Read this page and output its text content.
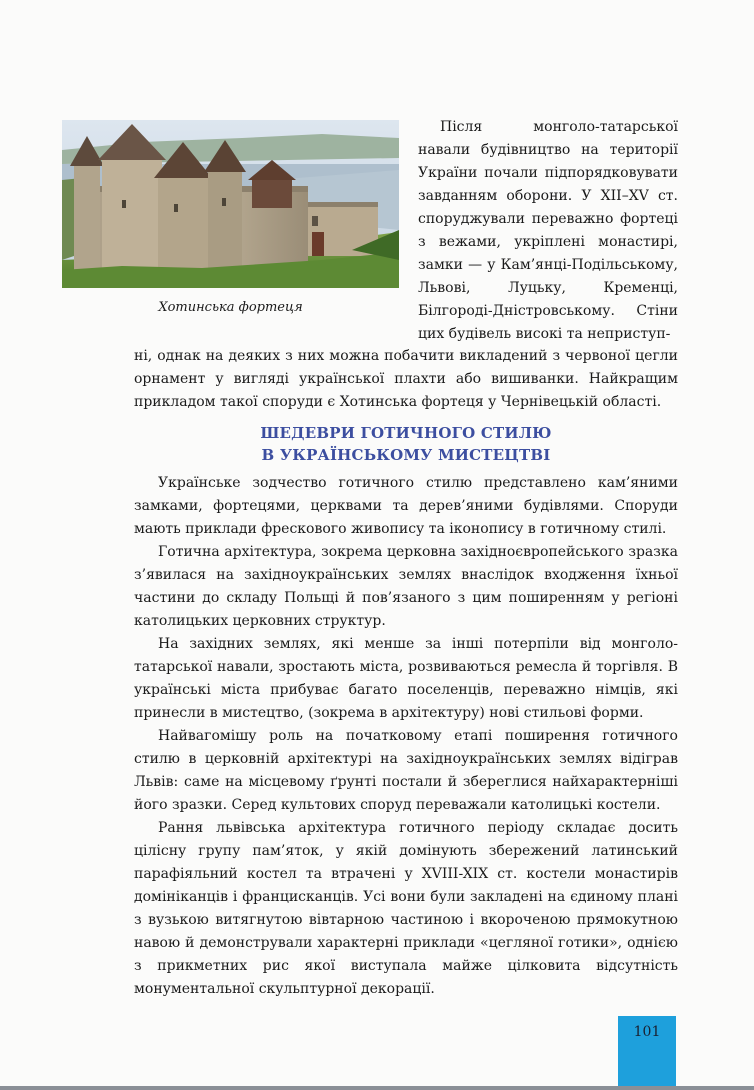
Хотинська фортеця

Після монголо-татарської навали будівництво на території України почали підпорядковувати завданням оборони. У XII–XV ст. споруджували переважно фортеці з вежами, укріплені монастирі, замки — у Кам’янці-Подільському, Львові, Луцьку, Кременці, Білгороді-Дністровському. Стіни цих будівель високі та неприступ-

ні, однак на деяких з них можна побачити викладений з червоної цегли орнамент у вигляді української плахти або вишиванки. Найкращим прикладом такої споруди є Хотинська фортеця у Чернівецькій області.

ШЕДЕВРИ ГОТИЧНОГО СТИЛЮ
В УКРАЇНСЬКОМУ МИСТЕЦТВІ

Українське зодчество готичного стилю представлено кам’яними замками, фортецями, церквами та дерев’яними будівлями. Споруди мають приклади фрескового живопису та іконопису в готичному стилі.

Готична архітектура, зокрема церковна західноєвропейського зразка з’явилася на західноукраїнських землях внаслідок входження їхньої частини до складу Польщі й пов’язаного з цим поширенням у регіоні католицьких церковних структур.

На західних землях, які менше за інші потерпіли від монголо-татарської навали, зростають міста, розвиваються ремесла й торгівля. В українські міста прибуває багато поселенців, переважно німців, які принесли в мистецтво, (зокрема в архітектуру) нові стильові форми.

Найвагомішу роль на початковому етапі поширення готичного стилю в церковній архітектурі на західноукраїнських землях відіграв Львів: саме на місцевому ґрунті постали й збереглися найхарактерніші його зразки. Серед культових споруд переважали католицькі костели.

Рання львівська архітектура готичного періоду складає досить цілісну групу пам’яток, у якій домінують збережений латинський парафіяльний костел та втрачені у XVIII-XIX ст. костели монастирів домініканців і францисканців. Усі вони були закладені на єдиному плані з вузькою витягнутою вівтарною частиною і вкороченою прямокутною навою й демонстрували характерні приклади «цегляної готики», однією з прикметних рис якої виступала майже цілковита відсутність монументальної скульптурної декорації.

101
